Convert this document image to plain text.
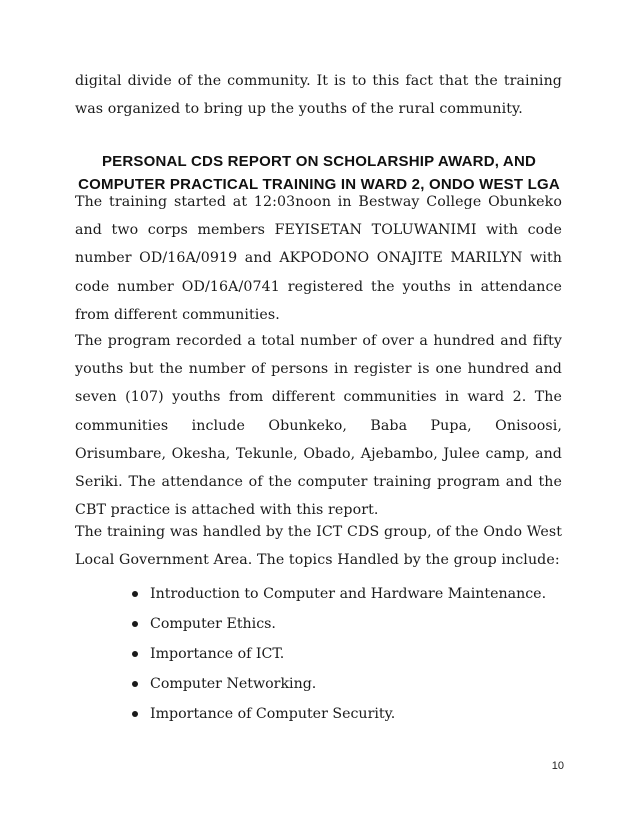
digital divide of the community. It is to this fact that the training was organized to bring up the youths of the rural community.

PERSONAL CDS REPORT ON SCHOLARSHIP AWARD, AND
COMPUTER PRACTICAL TRAINING IN WARD 2, ONDO WEST LGA

The training started at 12:03noon in Bestway College Obunkeko and two corps members FEYISETAN TOLUWANIMI with code number OD/16A/0919 and AKPODONO ONAJITE MARILYN with code number OD/16A/0741 registered the youths in attendance from different communities.

The program recorded a total number of over a hundred and fifty youths but the number of persons in register is one hundred and seven (107) youths from different communities in ward 2. The communities include Obunkeko, Baba Pupa, Onisoosi, Orisumbare, Okesha, Tekunle, Obado, Ajebambo, Julee camp, and Seriki. The attendance of the computer training program and the CBT practice is attached with this report.

The training was handled by the ICT CDS group, of the Ondo West Local Government Area. The topics Handled by the group include:

Introduction to Computer and Hardware Maintenance.
Computer Ethics.
Importance of ICT.
Computer Networking.
Importance of Computer Security.
10
